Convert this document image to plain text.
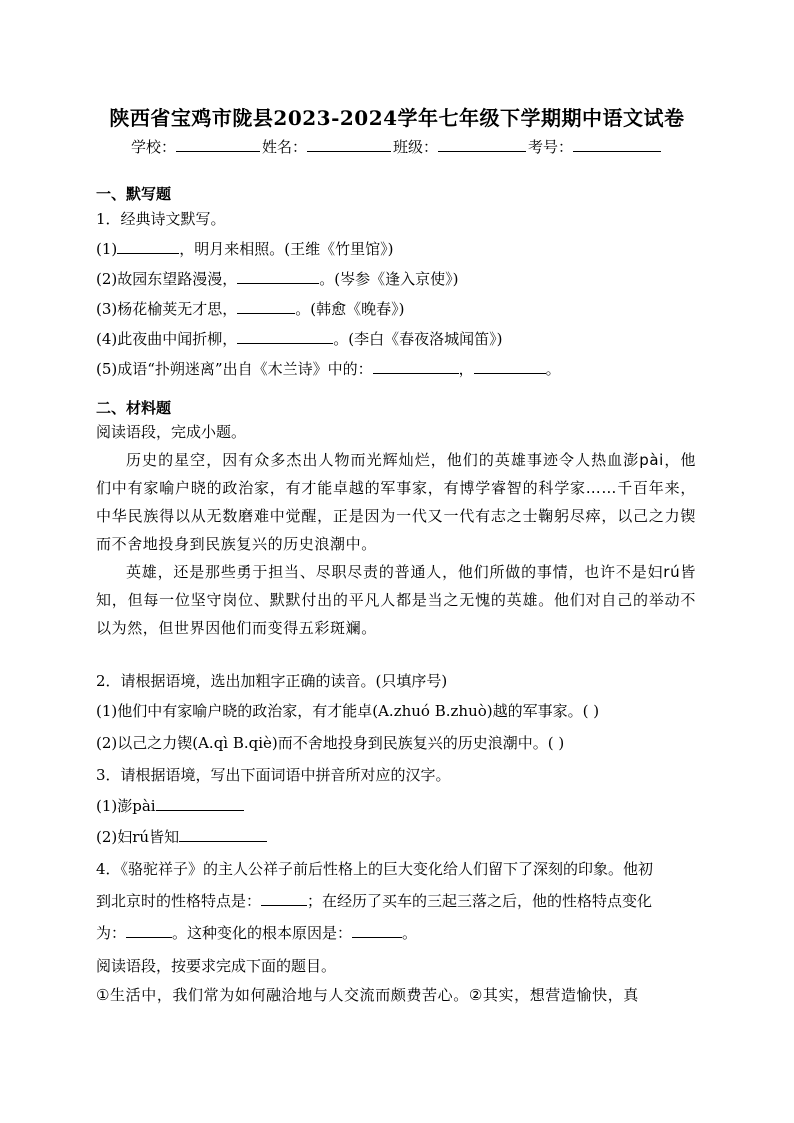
陕西省宝鸡市陇县2023-2024学年七年级下学期期中语文试卷
学校：	姓名：	班级：	考号：
一、默写题
1．经典诗文默写。
(1)	，明月来相照。(王维《竹里馆》)
(2)故园东望路漫漫，	。(岑参《逢入京使》)
(3)杨花榆荚无才思，	。(韩愈《晚春》)
(4)此夜曲中闻折柳，	。(李白《春夜洛城闻笛》)
(5)成语“扑朔迷离”出自《木兰诗》中的：	，	。
二、材料题
阅读语段，完成小题。

历史的星空，因有众多杰出人物而光辉灿烂，他们的英雄事迹令人热血澎pài，他们中有家喻户晓的政治家，有才能卓越的军事家，有博学睿智的科学家……千百年来，中华民族得以从无数磨难中觉醒，正是因为一代又一代有志之士鞠躬尽瘁，以己之力锲而不舍地投身到民族复兴的历史浪潮中。

英雄，还是那些勇于担当、尽职尽责的普通人，他们所做的事情，也许不是妇rú皆知，但每一位坚守岗位、默默付出的平凡人都是当之无愧的英雄。他们对自己的举动不以为然，但世界因他们而变得五彩斑斓。

2．请根据语境，选出加粗字正确的读音。(只填序号)
(1)他们中有家喻户晓的政治家，有才能卓(A.zhuó B.zhuò)越的军事家。( )
(2)以己之力锲(A.qì B.qiè)而不舍地投身到民族复兴的历史浪潮中。( )
3．请根据语境，写出下面词语中拼音所对应的汉字。
(1)澎pài
(2)妇rú皆知
4．《骆驼祥子》的主人公祥子前后性格上的巨大变化给人们留下了深刻的印象。他初
到北京时的性格特点是：	；在经历了买车的三起三落之后，他的性格特点变化
为：	。这种变化的根本原因是：	。
阅读语段，按要求完成下面的题目。

①生活中，我们常为如何融洽地与人交流而颇费苦心。②其实，想营造愉快，真
